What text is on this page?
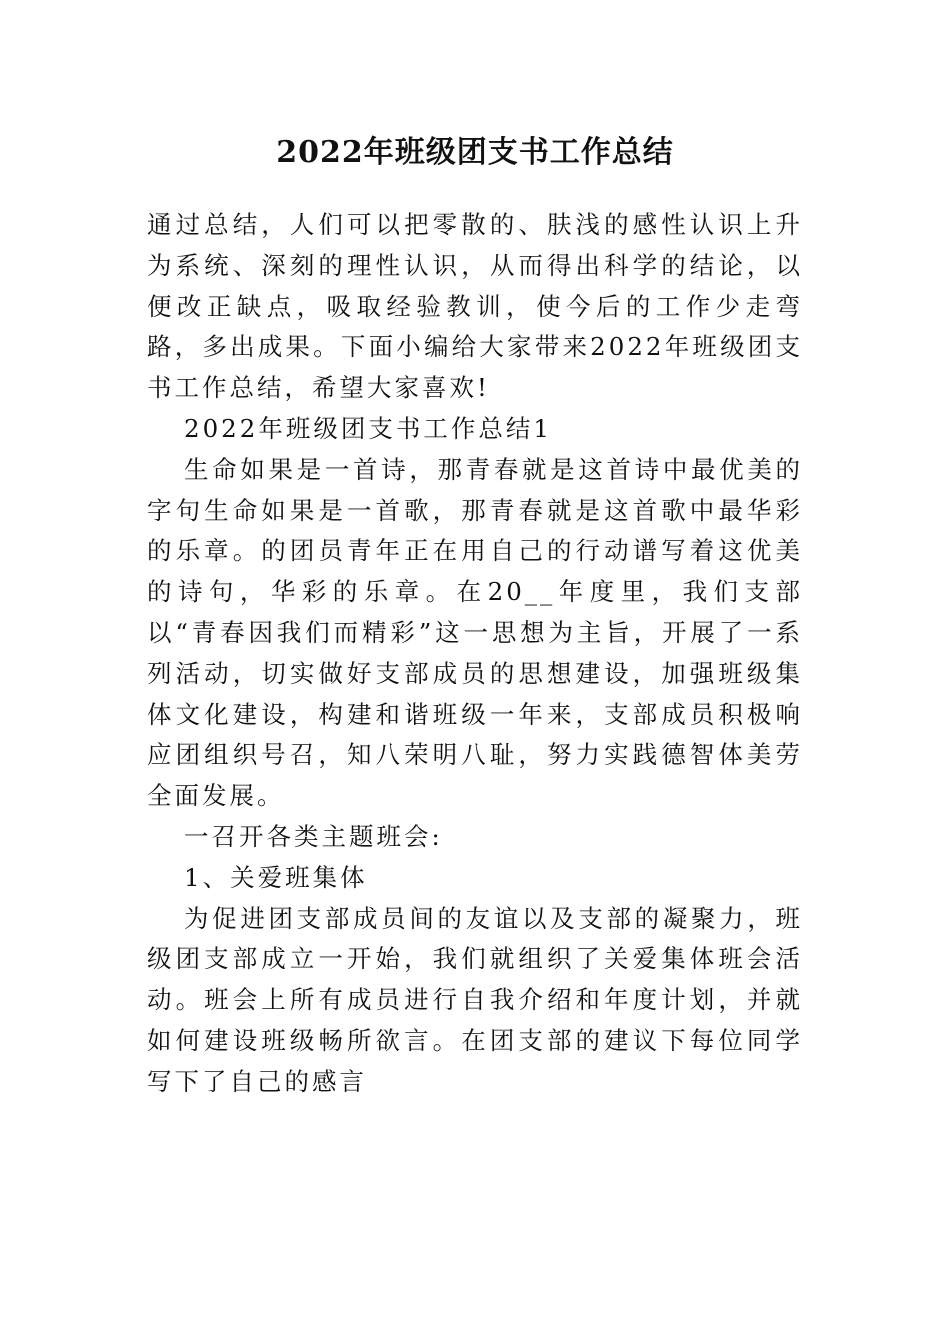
2022年班级团支书工作总结

通过总结，人们可以把零散的、肤浅的感性认识上升为系统、深刻的理性认识，从而得出科学的结论，以便改正缺点，吸取经验教训，使今后的工作少走弯路，多出成果。下面小编给大家带来2022年班级团支书工作总结，希望大家喜欢!

2022年班级团支书工作总结1

生命如果是一首诗，那青春就是这首诗中最优美的字句生命如果是一首歌，那青春就是这首歌中最华彩的乐章。的团员青年正在用自己的行动谱写着这优美的诗句，华彩的乐章。在20__年度里，我们支部以“青春因我们而精彩”这一思想为主旨，开展了一系列活动，切实做好支部成员的思想建设，加强班级集体文化建设，构建和谐班级一年来，支部成员积极响应团组织号召，知八荣明八耻，努力实践德智体美劳全面发展。

一召开各类主题班会:

1、关爱班集体

为促进团支部成员间的友谊以及支部的凝聚力，班级团支部成立一开始，我们就组织了关爱集体班会活动。班会上所有成员进行自我介绍和年度计划，并就如何建设班级畅所欲言。在团支部的建议下每位同学写下了自己的感言
